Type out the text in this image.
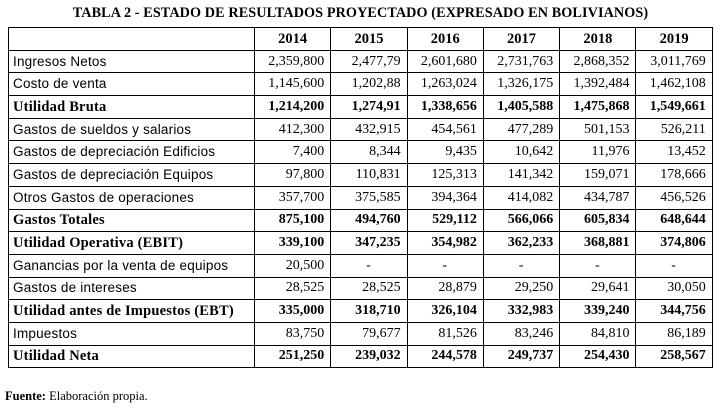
TABLA 2 - ESTADO DE RESULTADOS PROYECTADO (EXPRESADO EN BOLIVIANOS)
	2014	2015	2016	2017	2018	2019
Ingresos Netos	2,359,800	2,477,79	2,601,680	2,731,763	2,868,352	3,011,769
Costo de venta	1,145,600	1,202,88	1,263,024	1,326,175	1,392,484	1,462,108
Utilidad Bruta	1,214,200	1,274,91	1,338,656	1,405,588	1,475,868	1,549,661
Gastos de sueldos y salarios	412,300	432,915	454,561	477,289	501,153	526,211
Gastos de depreciación Edificios	7,400	8,344	9,435	10,642	11,976	13,452
Gastos de depreciación Equipos	97,800	110,831	125,313	141,342	159,071	178,666
Otros Gastos de operaciones	357,700	375,585	394,364	414,082	434,787	456,526
Gastos Totales	875,100	494,760	529,112	566,066	605,834	648,644
Utilidad Operativa (EBIT)	339,100	347,235	354,982	362,233	368,881	374,806
Ganancias por la venta de equipos	20,500	-	-	-	-	-
Gastos de intereses	28,525	28,525	28,879	29,250	29,641	30,050
Utilidad antes de Impuestos (EBT)	335,000	318,710	326,104	332,983	339,240	344,756
Impuestos	83,750	79,677	81,526	83,246	84,810	86,189
Utilidad Neta	251,250	239,032	244,578	249,737	254,430	258,567
Fuente: Elaboración propia.
